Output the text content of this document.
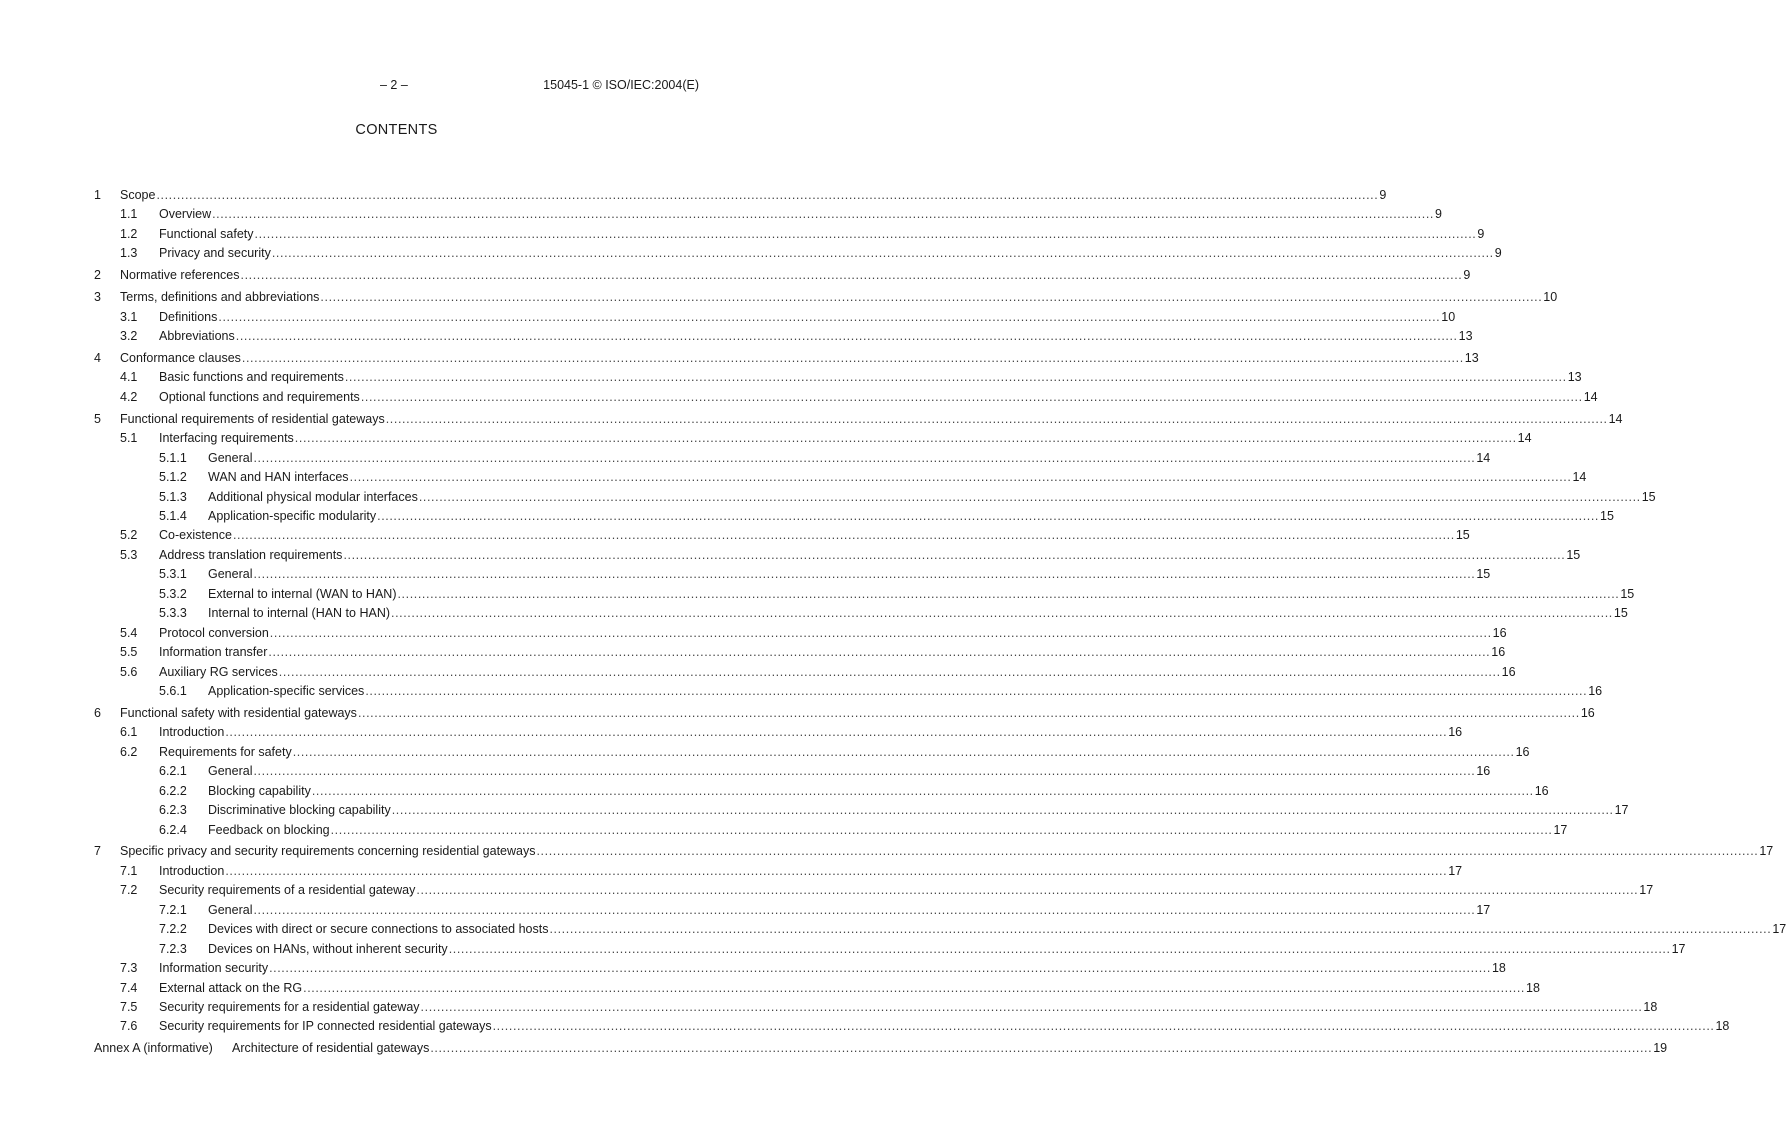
– 2 –	15045-1 © ISO/IEC:2004(E)
CONTENTS
1 Scope ............................................................................................................................................................................................................................................................................................................ 9
1.1 Overview ............................................................................................................................................................................................................................................................................................................ 9
1.2 Functional safety ............................................................................................................................................................................................................................................................................................................ 9
1.3 Privacy and security ............................................................................................................................................................................................................................................................................................................ 9
2 Normative references ............................................................................................................................................................................................................................................................................................................ 9
3 Terms, definitions and abbreviations ............................................................................................................................................................................................................................................................................................................ 10
3.1 Definitions ............................................................................................................................................................................................................................................................................................................ 10
3.2 Abbreviations ............................................................................................................................................................................................................................................................................................................ 13
4 Conformance clauses ............................................................................................................................................................................................................................................................................................................ 13
4.1 Basic functions and requirements ............................................................................................................................................................................................................................................................................................................ 13
4.2 Optional functions and requirements ............................................................................................................................................................................................................................................................................................................ 14
5 Functional requirements of residential gateways ............................................................................................................................................................................................................................................................................................................ 14
5.1 Interfacing requirements ............................................................................................................................................................................................................................................................................................................ 14
5.1.1 General ............................................................................................................................................................................................................................................................................................................ 14
5.1.2 WAN and HAN interfaces ............................................................................................................................................................................................................................................................................................................ 14
5.1.3 Additional physical modular interfaces ............................................................................................................................................................................................................................................................................................................ 15
5.1.4 Application-specific modularity ............................................................................................................................................................................................................................................................................................................ 15
5.2 Co-existence ............................................................................................................................................................................................................................................................................................................ 15
5.3 Address translation requirements ............................................................................................................................................................................................................................................................................................................ 15
5.3.1 General ............................................................................................................................................................................................................................................................................................................ 15
5.3.2 External to internal (WAN to HAN) ............................................................................................................................................................................................................................................................................................................ 15
5.3.3 Internal to internal (HAN to HAN) ............................................................................................................................................................................................................................................................................................................ 15
5.4 Protocol conversion ............................................................................................................................................................................................................................................................................................................ 16
5.5 Information transfer ............................................................................................................................................................................................................................................................................................................ 16
5.6 Auxiliary RG services ............................................................................................................................................................................................................................................................................................................ 16
5.6.1 Application-specific services ............................................................................................................................................................................................................................................................................................................ 16
6 Functional safety with residential gateways ............................................................................................................................................................................................................................................................................................................ 16
6.1 Introduction ............................................................................................................................................................................................................................................................................................................ 16
6.2 Requirements for safety ............................................................................................................................................................................................................................................................................................................ 16
6.2.1 General ............................................................................................................................................................................................................................................................................................................ 16
6.2.2 Blocking capability ............................................................................................................................................................................................................................................................................................................ 16
6.2.3 Discriminative blocking capability ............................................................................................................................................................................................................................................................................................................ 17
6.2.4 Feedback on blocking ............................................................................................................................................................................................................................................................................................................ 17
7 Specific privacy and security requirements concerning residential gateways ............................................................................................................................................................................................................................................................................................................ 17
7.1 Introduction ............................................................................................................................................................................................................................................................................................................ 17
7.2 Security requirements of a residential gateway ............................................................................................................................................................................................................................................................................................................ 17
7.2.1 General ............................................................................................................................................................................................................................................................................................................ 17
7.2.2 Devices with direct or secure connections to associated hosts ............................................................................................................................................................................................................................................................................................................ 17
7.2.3 Devices on HANs, without inherent security ............................................................................................................................................................................................................................................................................................................ 17
7.3 Information security ............................................................................................................................................................................................................................................................................................................ 18
7.4 External attack on the RG ............................................................................................................................................................................................................................................................................................................ 18
7.5 Security requirements for a residential gateway ............................................................................................................................................................................................................................................................................................................ 18
7.6 Security requirements for IP connected residential gateways ............................................................................................................................................................................................................................................................................................................ 18
Annex A (informative) Architecture of residential gateways ............................................................................................................................................................................................................................................................................................................ 19
